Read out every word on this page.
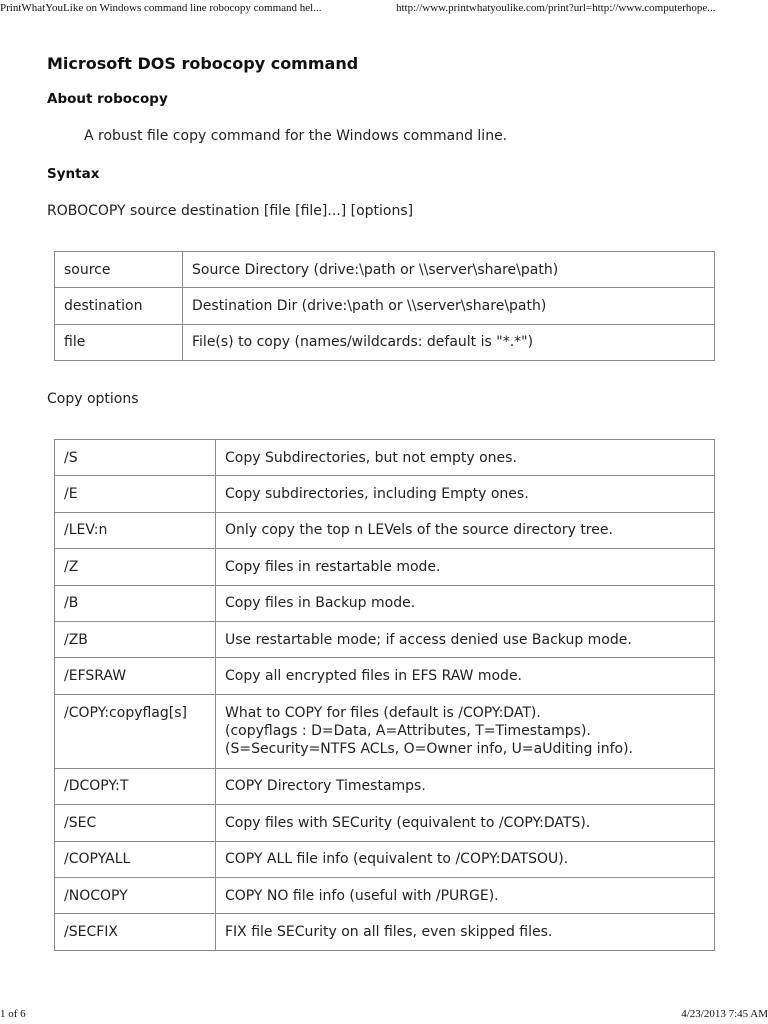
PrintWhatYouLike on Windows command line robocopy command hel...	http://www.printwhatyoulike.com/print?url=http://www.computerhope...
Microsoft DOS robocopy command
About robocopy
A robust file copy command for the Windows command line.
Syntax
ROBOCOPY source destination [file [file]...] [options]
source	Source Directory (drive:\path or \\server\share\path)
destination	Destination Dir (drive:\path or \\server\share\path)
file	File(s) to copy (names/wildcards: default is "*.*")
Copy options
/S	Copy Subdirectories, but not empty ones.
/E	Copy subdirectories, including Empty ones.
/LEV:n	Only copy the top n LEVels of the source directory tree.
/Z	Copy files in restartable mode.
/B	Copy files in Backup mode.
/ZB	Use restartable mode; if access denied use Backup mode.
/EFSRAW	Copy all encrypted files in EFS RAW mode.
/COPY:copyflag[s]	What to COPY for files (default is /COPY:DAT).
(copyflags : D=Data, A=Attributes, T=Timestamps).
(S=Security=NTFS ACLs, O=Owner info, U=aUditing info).

/DCOPY:T	COPY Directory Timestamps.
/SEC	Copy files with SECurity (equivalent to /COPY:DATS).
/COPYALL	COPY ALL file info (equivalent to /COPY:DATSOU).
/NOCOPY	COPY NO file info (useful with /PURGE).
/SECFIX	FIX file SECurity on all files, even skipped files.
1 of 6	4/23/2013 7:45 AM
